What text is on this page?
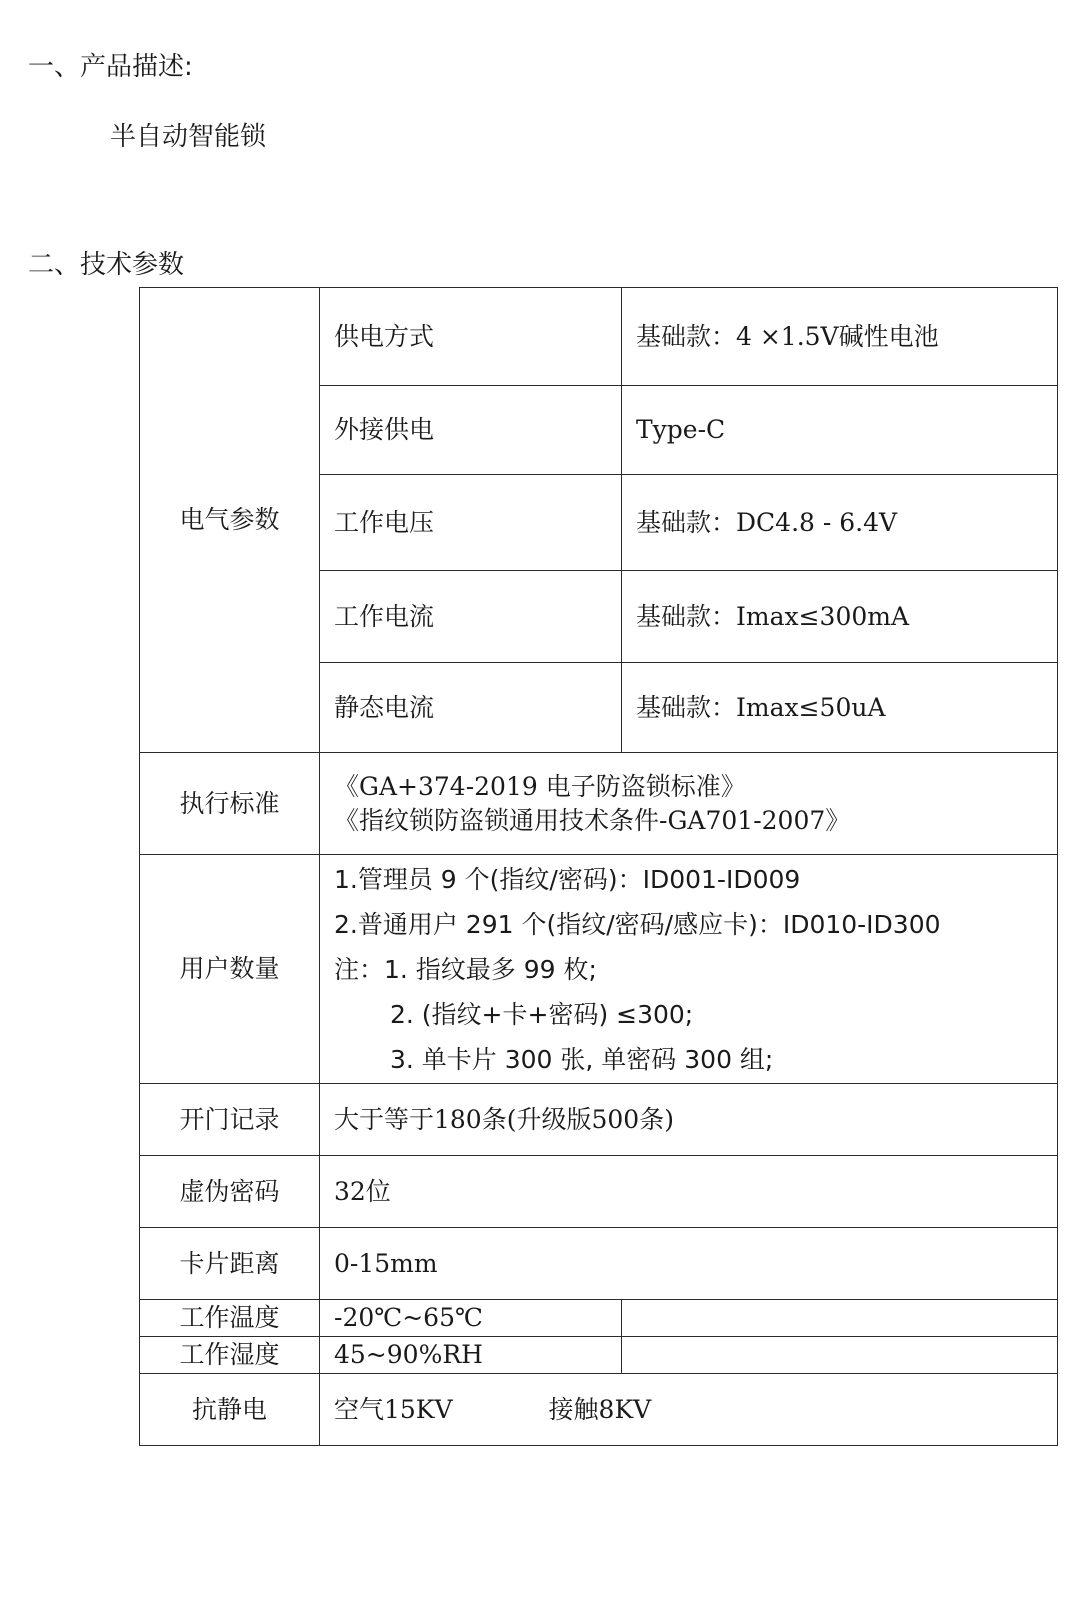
一、产品描述:
半自动智能锁
二、技术参数
电气参数	供电方式	基础款：4 ×1.5V碱性电池
	外接供电	Type-C
	工作电压	基础款：DC4.8 - 6.4V
	工作电流	基础款：Imax≤300mA
	静态电流	基础款：Imax≤50uA
执行标准	《GA+374-2019 电子防盗锁标准》
《指纹锁防盗锁通用技术条件-GA701-2007》	

用户数量	1.管理员 9 个(指纹/密码)：ID001-ID009
2.普通用户 291 个(指纹/密码/感应卡)：ID010-ID300
注：1. 指纹最多 99 枚;
2. (指纹+卡+密码) ≤300;
3. 单卡片 300 张, 单密码 300 组;	

开门记录	大于等于180条(升级版500条)	
虚伪密码	32位	
卡片距离	0-15mm	
工作温度	-20℃~65℃	
工作湿度	45~90%RH	
抗静电	空气15KV 接触8KV	
